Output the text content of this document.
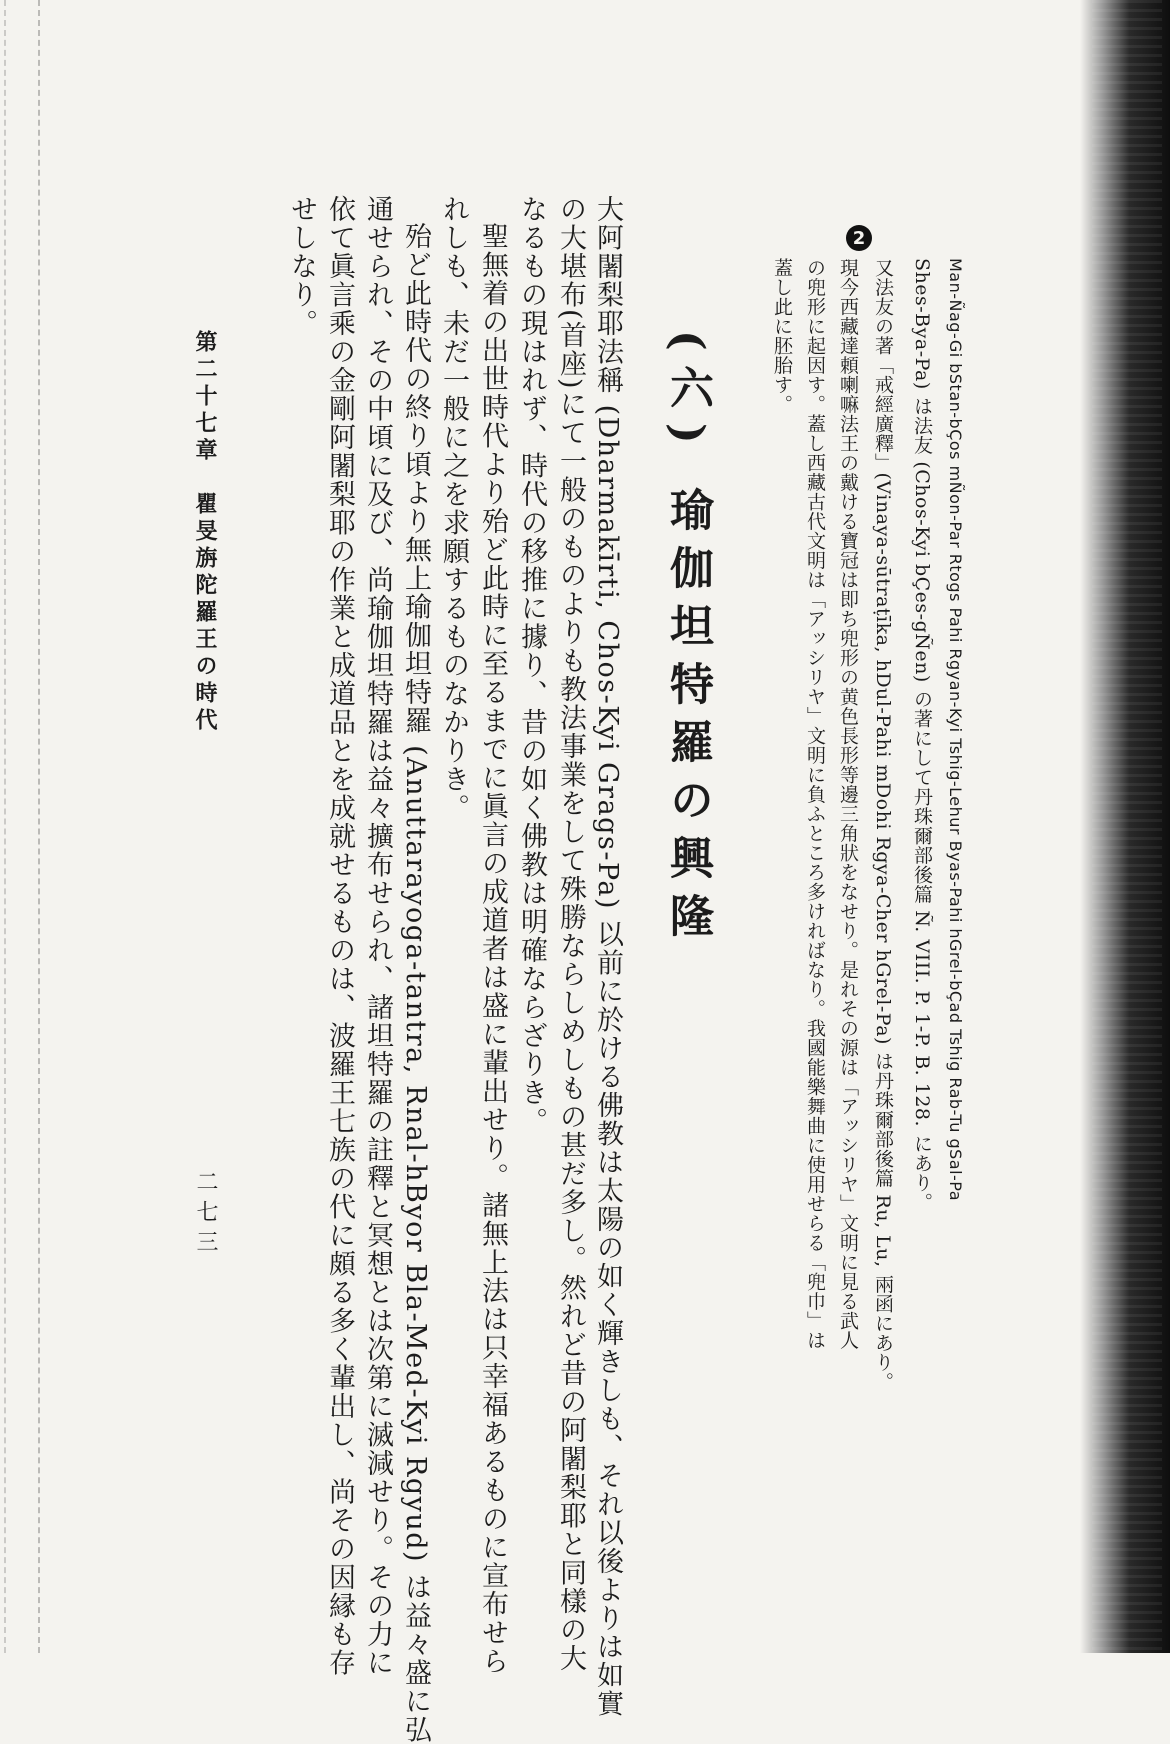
Man-Ñag-Gi bStan-bÇos mÑon-Par Rtogs Pahi Rgyan-Kyi Tshig-Lehur Byas-Pahi hGrel-bÇad Tshig Rab-Tu gSal-Pa
Shes-Bya-Pa) は法友 (Chos-Kyi bÇes-gÑen) の著にして丹珠爾部後篇 Ñ. VIII. P. 1-P. B. 128. にあり。
又法友の著「戒經廣釋」(Vinaya-sūtraṭīka, hDul-Pahi mDohi Rgya-Cher hGrel-Pa) は丹珠爾部後篇 Ru, Lu, 兩函にあり。
2
現今西藏達頼喇嘛法王の戴ける寶冠は即ち兜形の黄色長形等邊三角狀をなせり。是れその源は「アッシリヤ」文明に見る武人
の兜形に起因す。蓋し西藏古代文明は「アッシリヤ」文明に負ふところ多ければなり。我國能樂舞曲に使用せらる「兜巾」は
蓋し此に胚胎す。
(六) 瑜伽坦特羅の興隆
大阿闍梨耶法稱 (Dharmakīrti, Chos-Kyi Grags-Pa) 以前に於ける佛教は太陽の如く輝きしも、それ以後よりは如實
の大堪布(首座)にて一般のものよりも教法事業をして殊勝ならしめしもの甚だ多し。然れど昔の阿闍梨耶と同樣の大
なるもの現はれず、時代の移推に據り、昔の如く佛教は明確ならざりき。
聖無着の出世時代より殆ど此時に至るまでに眞言の成道者は盛に輩出せり。諸無上法は只幸福あるものに宣布せら
れしも、未だ一般に之を求願するものなかりき。
殆ど此時代の終り頃より無上瑜伽坦特羅 (Anuttarayoga-tantra, Rnal-hByor Bla-Med-Kyi Rgyud) は益々盛に弘
通せられ、その中頃に及び、尚瑜伽坦特羅は益々擴布せられ、諸坦特羅の註釋と冥想とは次第に滅減せり。その力に
依て眞言乘の金剛阿闍梨耶の作業と成道品とを成就せるものは、波羅王七族の代に頗る多く輩出し、尚その因縁も存
せしなり。
第二十七章　瞿旻旃陀羅王の時代
二七三
